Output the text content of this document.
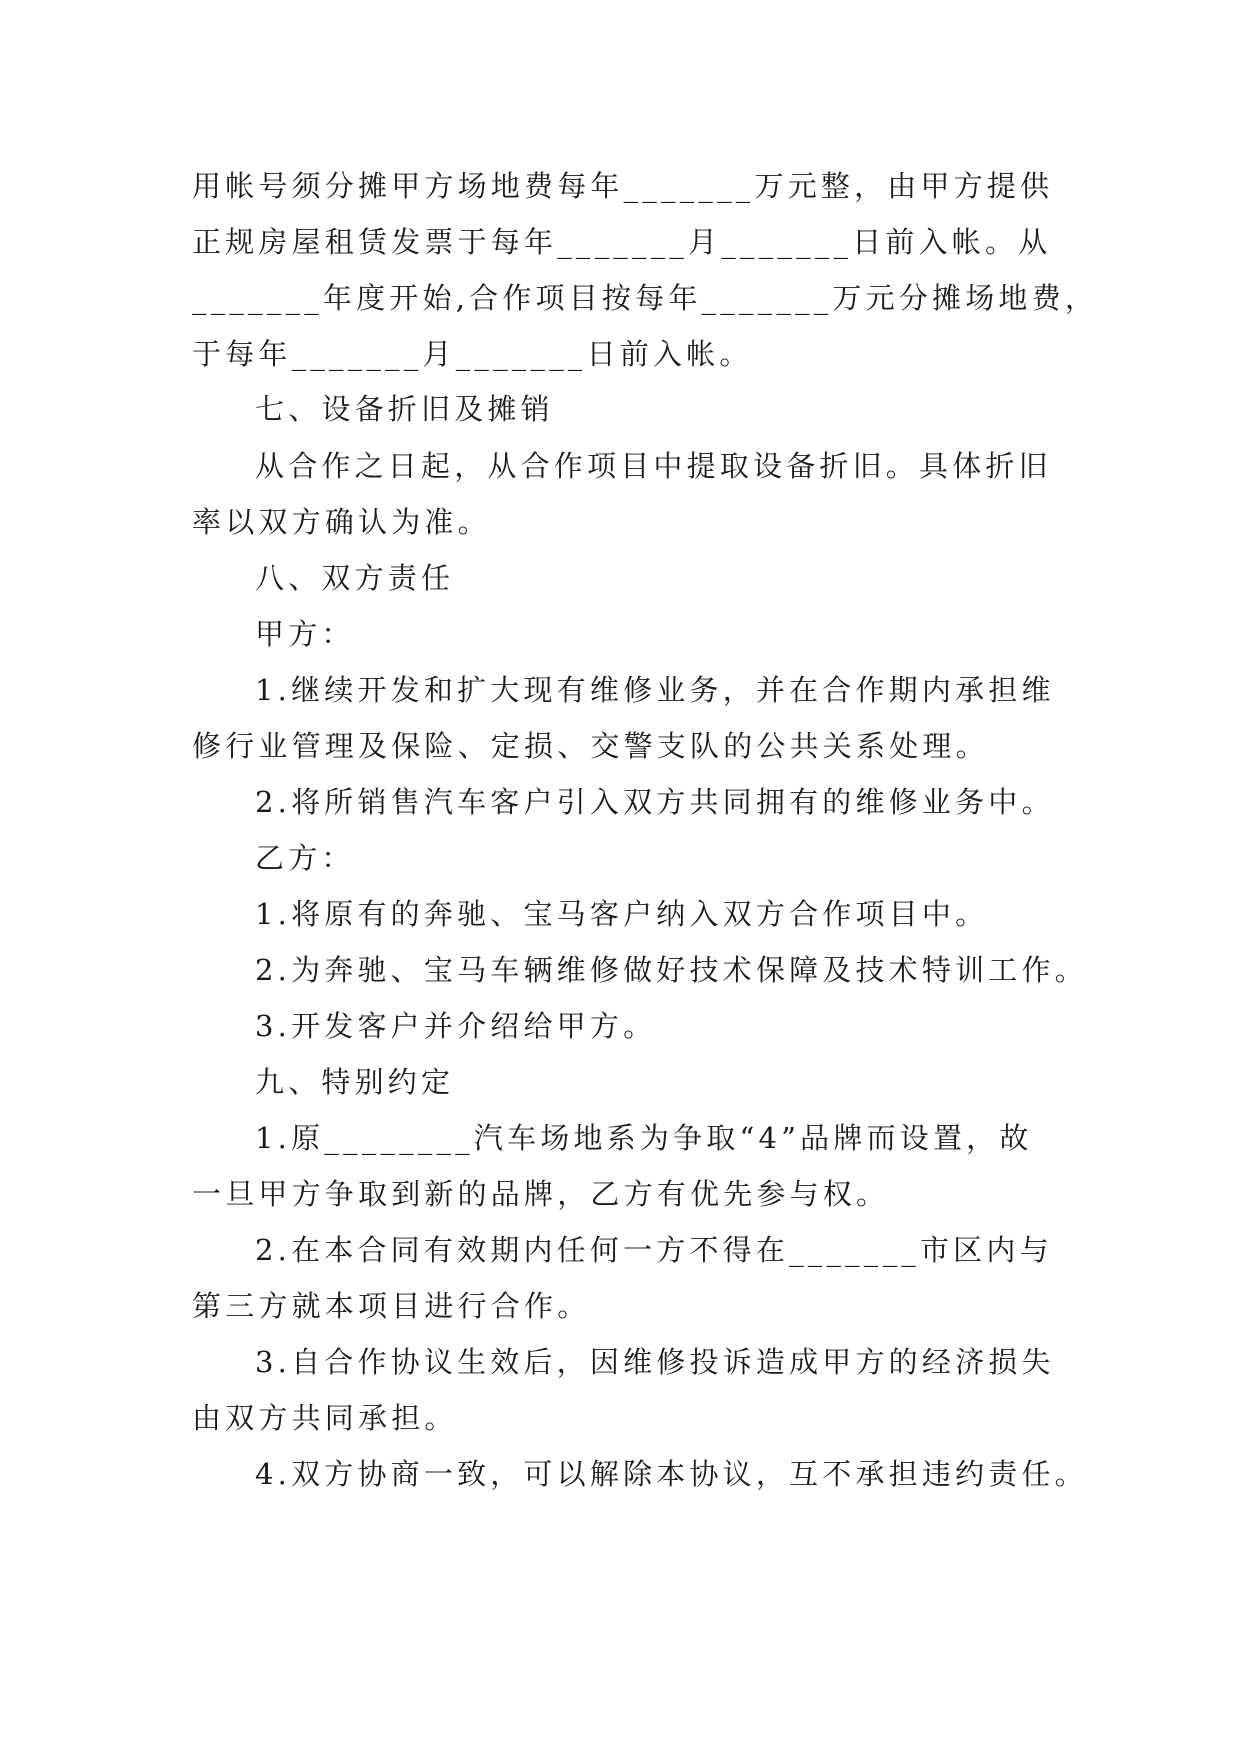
用帐号须分摊甲方场地费每年_______万元整，由甲方提供
正规房屋租赁发票于每年_______月_______日前入帐。从
_______年度开始,合作项目按每年_______万元分摊场地费，
于每年_______月_______日前入帐。
七、设备折旧及摊销
从合作之日起，从合作项目中提取设备折旧。具体折旧
率以双方确认为准。
八、双方责任
甲方：
1.继续开发和扩大现有维修业务，并在合作期内承担维
修行业管理及保险、定损、交警支队的公共关系处理。
2.将所销售汽车客户引入双方共同拥有的维修业务中。
乙方：
1.将原有的奔驰、宝马客户纳入双方合作项目中。
2.为奔驰、宝马车辆维修做好技术保障及技术特训工作。
3.开发客户并介绍给甲方。
九、特别约定
1.原________汽车场地系为争取“4”品牌而设置，故
一旦甲方争取到新的品牌，乙方有优先参与权。
2.在本合同有效期内任何一方不得在_______市区内与
第三方就本项目进行合作。
3.自合作协议生效后，因维修投诉造成甲方的经济损失
由双方共同承担。
4.双方协商一致，可以解除本协议，互不承担违约责任。
